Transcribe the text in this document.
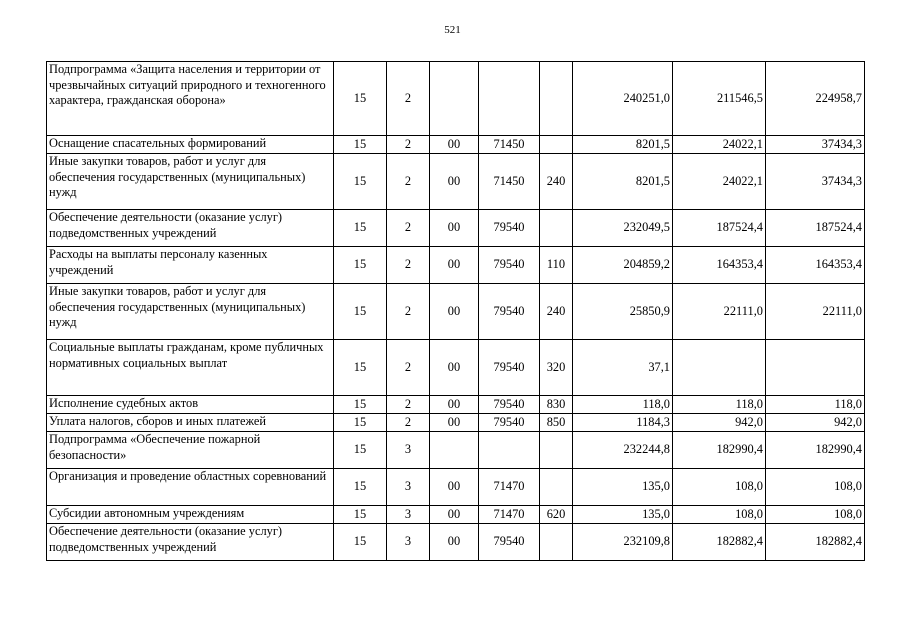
521
Подпрограмма «Защита населения и территории от чрезвычайных ситуаций природного и техногенного характера, гражданская оборона»	15	2				240251,0	211546,5	224958,7
Оснащение спасательных формирований	15	2	00	71450		8201,5	24022,1	37434,3
Иные закупки товаров, работ и услуг для обеспечения государственных (муниципальных) нужд	15	2	00	71450	240	8201,5	24022,1	37434,3
Обеспечение деятельности (оказание услуг) подведомственных учреждений	15	2	00	79540		232049,5	187524,4	187524,4
Расходы на выплаты персоналу казенных учреждений	15	2	00	79540	110	204859,2	164353,4	164353,4
Иные закупки товаров, работ и услуг для обеспечения государственных (муниципальных) нужд	15	2	00	79540	240	25850,9	22111,0	22111,0
Социальные выплаты гражданам, кроме публичных нормативных социальных выплат	15	2	00	79540	320	37,1		
Исполнение судебных актов	15	2	00	79540	830	118,0	118,0	118,0
Уплата налогов, сборов и иных платежей	15	2	00	79540	850	1184,3	942,0	942,0
Подпрограмма «Обеспечение пожарной безопасности»	15	3				232244,8	182990,4	182990,4
Организация и проведение областных соревнований	15	3	00	71470		135,0	108,0	108,0
Субсидии автономным учреждениям	15	3	00	71470	620	135,0	108,0	108,0
Обеспечение деятельности (оказание услуг) подведомственных учреждений	15	3	00	79540		232109,8	182882,4	182882,4
